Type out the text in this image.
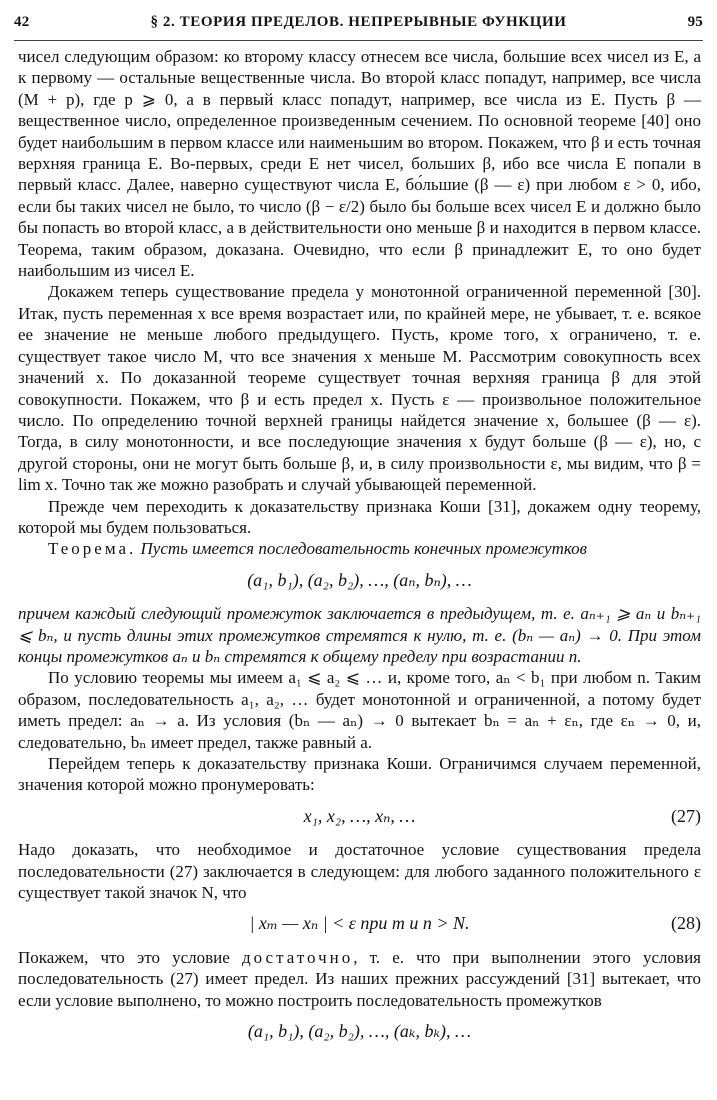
42	§ 2. ТЕОРИЯ ПРЕДЕЛОВ. НЕПРЕРЫВНЫЕ ФУНКЦИИ	95

чисел следующим образом: ко второму классу отнесем все числа, большие всех чисел из E, а к первому — остальные вещественные числа. Во второй класс попадут, например, все числа (M + p), где p ⩾ 0, а в первый класс попадут, например, все числа из E. Пусть β — вещественное число, определенное произведенным сечением. По основной теореме [40] оно будет наибольшим в первом классе или наименьшим во втором. Покажем, что β и есть точная верхняя граница E. Во-первых, среди E нет чисел, больших β, ибо все числа E попали в первый класс. Далее, наверно существуют числа E, бо́льшие (β — ε) при любом ε > 0, ибо, если бы таких чисел не было, то число (β − ε/2) было бы больше всех чисел E и должно было бы попасть во второй класс, а в действительности оно меньше β и находится в первом классе. Теорема, таким образом, доказана. Очевидно, что если β принадлежит E, то оно будет наибольшим из чисел E.

Докажем теперь существование предела у монотонной ограниченной переменной [30]. Итак, пусть переменная x все время возрастает или, по крайней мере, не убывает, т. е. всякое ее значение не меньше любого предыдущего. Пусть, кроме того, x ограничено, т. е. существует такое число M, что все значения x меньше M. Рассмотрим совокупность всех значений x. По доказанной теореме существует точная верхняя граница β для этой совокупности. Покажем, что β и есть предел x. Пусть ε — произвольное положительное число. По определению точной верхней границы найдется значение x, большее (β — ε). Тогда, в силу монотонности, и все последующие значения x будут больше (β — ε), но, с другой стороны, они не могут быть больше β, и, в силу произвольности ε, мы видим, что β = lim x. Точно так же можно разобрать и случай убывающей переменной.

Прежде чем переходить к доказательству признака Коши [31], докажем одну теорему, которой мы будем пользоваться.

Теорема. Пусть имеется последовательность конечных промежутков

(a₁, b₁), (a₂, b₂), …, (aₙ, bₙ), …

причем каждый следующий промежуток заключается в предыдущем, т. е. aₙ₊₁ ⩾ aₙ и bₙ₊₁ ⩽ bₙ, и пусть длины этих промежутков стремятся к нулю, т. е. (bₙ — aₙ) → 0. При этом концы промежутков aₙ и bₙ стремятся к общему пределу при возрастании n.

По условию теоремы мы имеем a₁ ⩽ a₂ ⩽ … и, кроме того, aₙ < b₁ при любом n. Таким образом, последовательность a₁, a₂, … будет монотонной и ограниченной, а потому будет иметь предел: aₙ → a. Из условия (bₙ — aₙ) → 0 вытекает bₙ = aₙ + εₙ, где εₙ → 0, и, следовательно, bₙ имеет предел, также равный a.

Перейдем теперь к доказательству признака Коши. Ограничимся случаем переменной, значения которой можно пронумеровать:

x₁, x₂, …, xₙ, …	(27)

Надо доказать, что необходимое и достаточное условие существования предела последовательности (27) заключается в следующем: для любого заданного положительного ε существует такой значок N, что

| xₘ — xₙ | < ε при m и n > N.	(28)

Покажем, что это условие достаточно, т. е. что при выполнении этого условия последовательность (27) имеет предел. Из наших прежних рассуждений [31] вытекает, что если условие выполнено, то можно построить последовательность промежутков

(a₁, b₁), (a₂, b₂), …, (aₖ, bₖ), …
